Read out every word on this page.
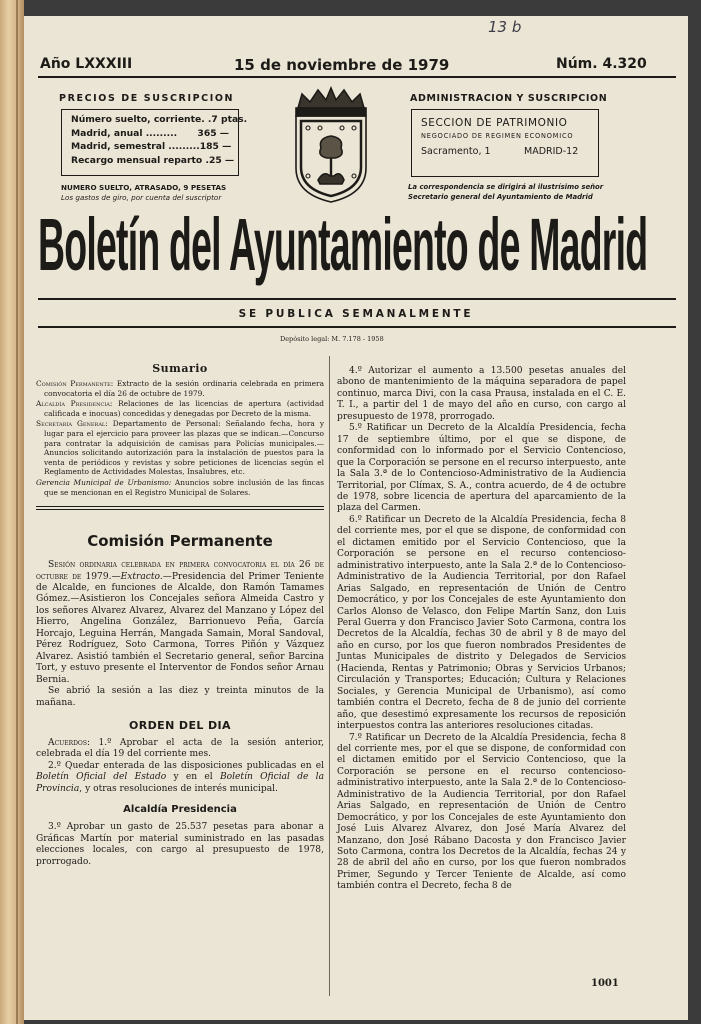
13 b
Año LXXXIII	15 de noviembre de 1979	Núm. 4.320
PRECIOS DE SUSCRIPCION
Número suelto, corriente. . 7 ptas.
Madrid, anual ......... 365 —
Madrid, semestral ......... 185 —
Recargo mensual reparto . 25 —
NUMERO SUELTO, ATRASADO, 9 PESETAS
Los gastos de giro, por cuenta del suscriptor
ADMINISTRACION Y SUSCRIPCION
SECCION DE PATRIMONIO
NEGOCIADO DE REGIMEN ECONOMICO
Sacramento, 1	MADRID-12
La correspondencia se dirigirá al ilustrísimo señor
Secretario general del Ayuntamiento de Madrid
Boletín del Ayuntamiento de Madrid
SE PUBLICA SEMANALMENTE
Depósito legal: M. 7.178 - 1958
Sumario

Comisión Permanente: Extracto de la sesión ordinaria celebrada en primera convocatoria el día 26 de octubre de 1979.

Alcaldía Presidencia: Relaciones de las licencias de apertura (actividad calificada e inocuas) concedidas y denegadas por Decreto de la misma.

Secretaría General: Departamento de Personal: Señalando fecha, hora y lugar para el ejercicio para proveer las plazas que se indican.—Concurso para contratar la adquisición de camisas para Policías municipales.—Anuncios solicitando autorización para la instalación de puestos para la venta de periódicos y revistas y sobre peticiones de licencias según el Reglamento de Actividades Molestas, Insalubres, etc.

Gerencia Municipal de Urbanismo: Anuncios sobre inclusión de las fincas que se mencionan en el Registro Municipal de Solares.

Comisión Permanente

Sesión ordinaria celebrada en primera convocatoria el día 26 de octubre de 1979.—Extracto.—Presidencia del Primer Teniente de Alcalde, en funciones de Alcalde, don Ramón Tamames Gómez.—Asistieron los Concejales señora Almeida Castro y los señores Alvarez Alvarez, Alvarez del Manzano y López del Hierro, Angelina González, Barrionuevo Peña, García Horcajo, Leguina Herrán, Mangada Samain, Moral Sandoval, Pérez Rodríguez, Soto Carmona, Torres Piñón y Vázquez Alvarez. Asistió también el Secretario general, señor Barcina Tort, y estuvo presente el Interventor de Fondos señor Arnau Bernia.

Se abrió la sesión a las diez y treinta minutos de la mañana.

ORDEN DEL DIA

Acuerdos: 1.º Aprobar el acta de la sesión anterior, celebrada el día 19 del corriente mes.

2.º Quedar enterada de las disposiciones publicadas en el Boletín Oficial del Estado y en el Boletín Oficial de la Provincia, y otras resoluciones de interés municipal.

Alcaldía Presidencia

3.º Aprobar un gasto de 25.537 pesetas para abonar a Gráficas Martín por material suministrado en las pasadas elecciones locales, con cargo al presupuesto de 1978, prorrogado.

4.º Autorizar el aumento a 13.500 pesetas anuales del abono de mantenimiento de la máquina separadora de papel continuo, marca Divi, con la casa Prausa, instalada en el C. E. T. I., a partir del 1 de mayo del año en curso, con cargo al presupuesto de 1978, prorrogado.

5.º Ratificar un Decreto de la Alcaldía Presidencia, fecha 17 de septiembre último, por el que se dispone, de conformidad con lo informado por el Servicio Contencioso, que la Corporación se persone en el recurso interpuesto, ante la Sala 3.ª de lo Contencioso-Administrativo de la Audiencia Territorial, por Clímax, S. A., contra acuerdo, de 4 de octubre de 1978, sobre licencia de apertura del aparcamiento de la plaza del Carmen.

6.º Ratificar un Decreto de la Alcaldía Presidencia, fecha 8 del corriente mes, por el que se dispone, de conformidad con el dictamen emitido por el Servicio Contencioso, que la Corporación se persone en el recurso contencioso-administrativo interpuesto, ante la Sala 2.ª de lo Contencioso-Administrativo de la Audiencia Territorial, por don Rafael Arias Salgado, en representación de Unión de Centro Democrático, y por los Concejales de este Ayuntamiento don Carlos Alonso de Velasco, don Felipe Martín Sanz, don Luis Peral Guerra y don Francisco Javier Soto Carmona, contra los Decretos de la Alcaldía, fechas 30 de abril y 8 de mayo del año en curso, por los que fueron nombrados Presidentes de Juntas Municipales de distrito y Delegados de Servicios (Hacienda, Rentas y Patrimonio; Obras y Servicios Urbanos; Circulación y Transportes; Educación; Cultura y Relaciones Sociales, y Gerencia Municipal de Urbanismo), así como también contra el Decreto, fecha de 8 de junio del corriente año, que desestimó expresamente los recursos de reposición interpuestos contra las anteriores resoluciones citadas.

7.º Ratificar un Decreto de la Alcaldía Presidencia, fecha 8 del corriente mes, por el que se dispone, de conformidad con el dictamen emitido por el Servicio Contencioso, que la Corporación se persone en el recurso contencioso-administrativo interpuesto, ante la Sala 2.ª de lo Contencioso-Administrativo de la Audiencia Territorial, por don Rafael Arias Salgado, en representación de Unión de Centro Democrático, y por los Concejales de este Ayuntamiento don José Luis Alvarez Alvarez, don José María Alvarez del Manzano, don José Rábano Dacosta y don Francisco Javier Soto Carmona, contra los Decretos de la Alcaldía, fechas 24 y 28 de abril del año en curso, por los que fueron nombrados Primer, Segundo y Tercer Teniente de Alcalde, así como también contra el Decreto, fecha 8 de

1001
